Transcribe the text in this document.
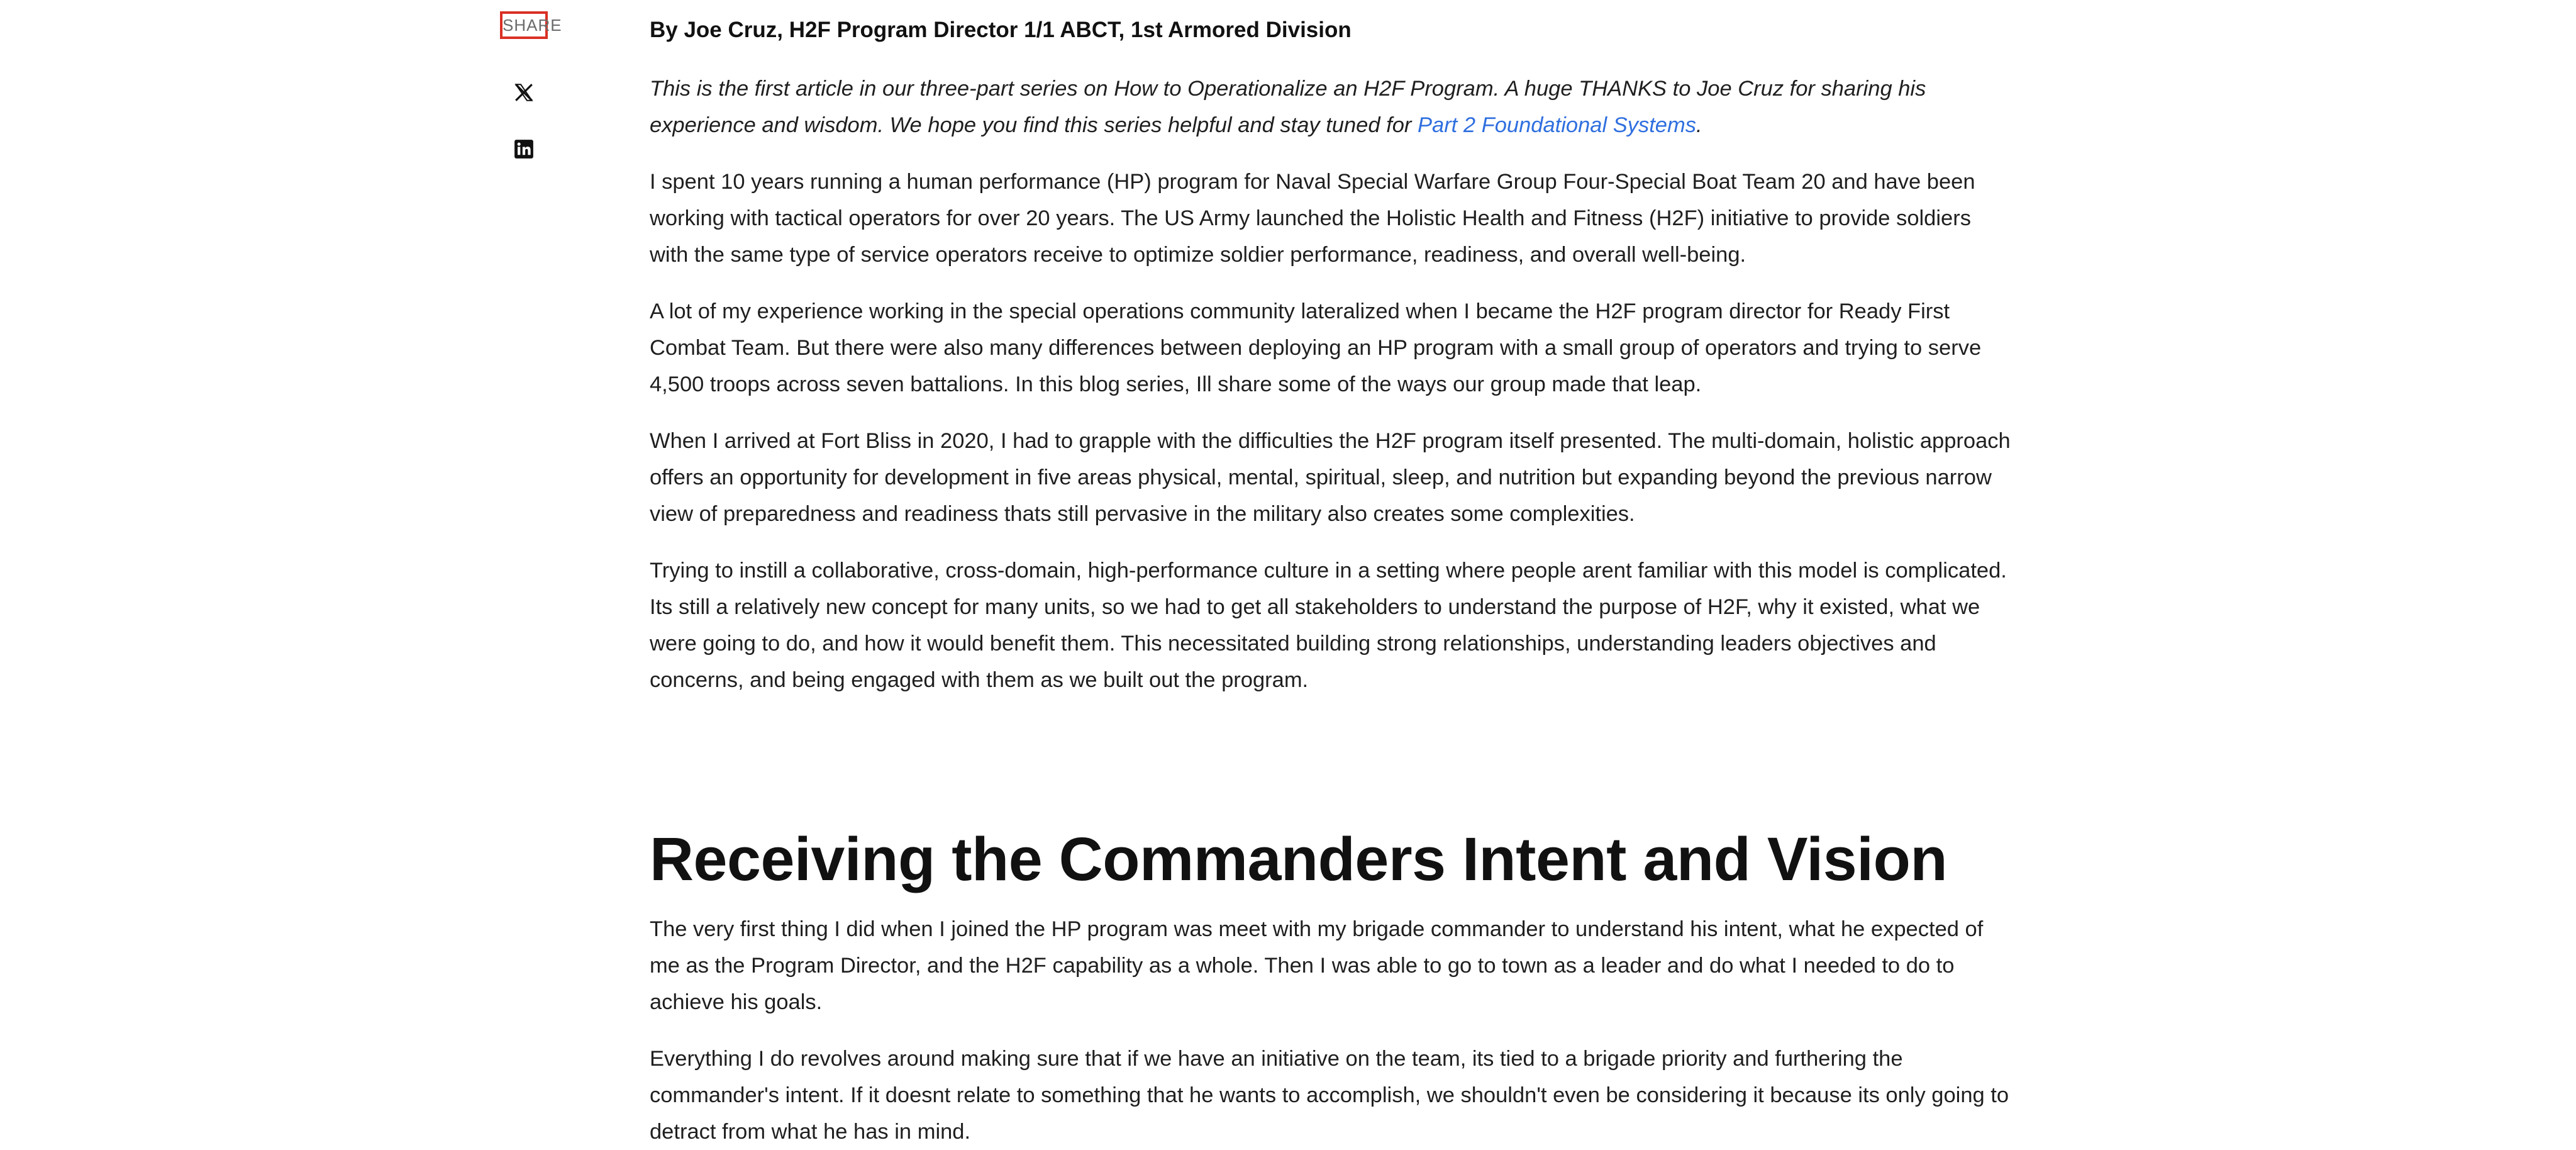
SHARE	By Joe Cruz, H2F Program Director 1/1 ABCT, 1st Armored Division

This is the first article in our three-part series on How to Operationalize an H2F Program. A huge THANKS to Joe Cruz for sharing his experience and wisdom. We hope you find this series helpful and stay tuned for Part 2 Foundational Systems.

I spent 10 years running a human performance (HP) program for Naval Special Warfare Group Four-Special Boat Team 20 and have been working with tactical operators for over 20 years. The US Army launched the Holistic Health and Fitness (H2F) initiative to provide soldiers with the same type of service operators receive to optimize soldier performance, readiness, and overall well-being.

A lot of my experience working in the special operations community lateralized when I became the H2F program director for Ready First Combat Team. But there were also many differences between deploying an HP program with a small group of operators and trying to serve 4,500 troops across seven battalions. In this blog series, Ill share some of the ways our group made that leap.

When I arrived at Fort Bliss in 2020, I had to grapple with the difficulties the H2F program itself presented. The multi-domain, holistic approach offers an opportunity for development in five areas physical, mental, spiritual, sleep, and nutrition but expanding beyond the previous narrow view of preparedness and readiness thats still pervasive in the military also creates some complexities.

Trying to instill a collaborative, cross-domain, high-performance culture in a setting where people arent familiar with this model is complicated. Its still a relatively new concept for many units, so we had to get all stakeholders to understand the purpose of H2F, why it existed, what we were going to do, and how it would benefit them. This necessitated building strong relationships, understanding leaders objectives and concerns, and being engaged with them as we built out the program.

Receiving the Commanders Intent and Vision

The very first thing I did when I joined the HP program was meet with my brigade commander to understand his intent, what he expected of me as the Program Director, and the H2F capability as a whole. Then I was able to go to town as a leader and do what I needed to do to achieve his goals.

Everything I do revolves around making sure that if we have an initiative on the team, its tied to a brigade priority and furthering the commander's intent. If it doesnt relate to something that he wants to accomplish, we shouldn't even be considering it because its only going to detract from what he has in mind.
